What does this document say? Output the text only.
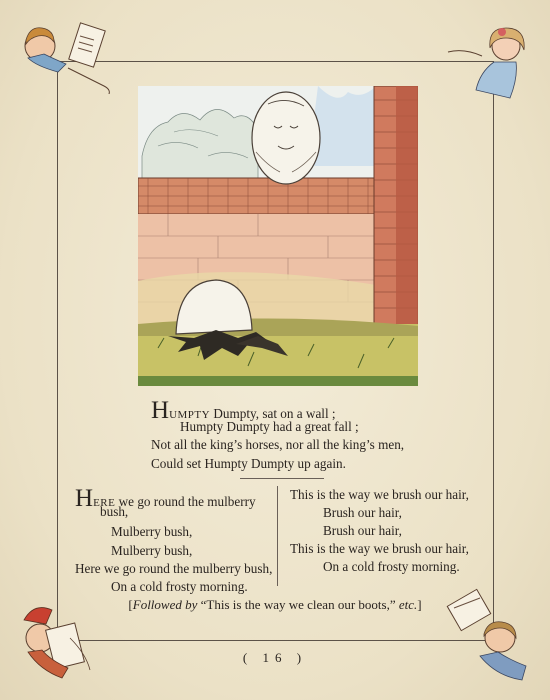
HUMPTY Dumpty, sat on a wall ;
Humpty Dumpty had a great fall ;
Not all the king’s horses, nor all the king’s men,
Could set Humpty Dumpty up again.
HERE we go round the mulberry
bush,
Mulberry bush,
Mulberry bush,
Here we go round the mulberry bush,
On a cold frosty morning.
This is the way we brush our hair,
Brush our hair,
Brush our hair,
This is the way we brush our hair,
On a cold frosty morning.
[Followed by “This is the way we clean our boots,” etc.]
( 16 )
